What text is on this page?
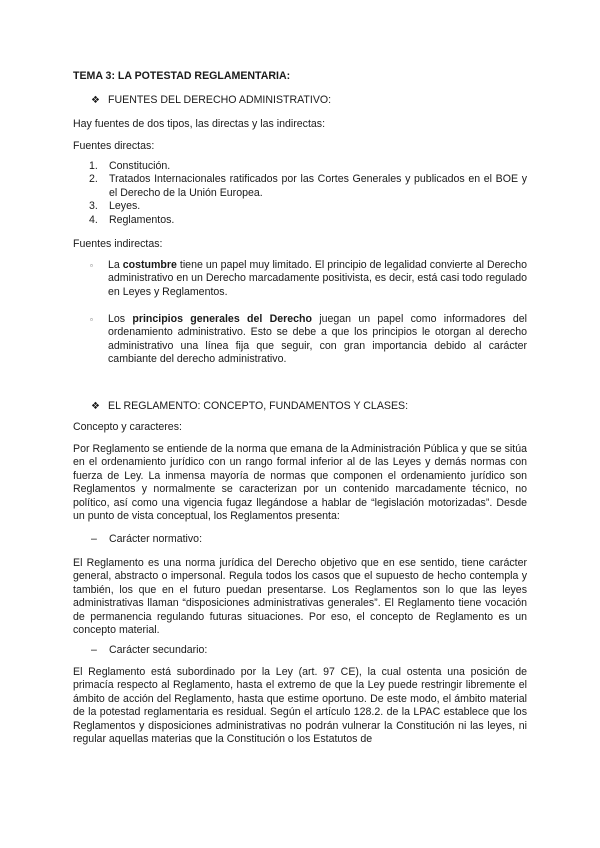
TEMA 3: LA POTESTAD REGLAMENTARIA:

❖ FUENTES DEL DERECHO ADMINISTRATIVO:

Hay fuentes de dos tipos, las directas y las indirectas:

Fuentes directas:

1. Constitución.
2. Tratados Internacionales ratificados por las Cortes Generales y publicados en el BOE y el Derecho de la Unión Europea.
3. Leyes.
4. Reglamentos.

Fuentes indirectas:

▫ La costumbre tiene un papel muy limitado. El principio de legalidad convierte al Derecho administrativo en un Derecho marcadamente positivista, es decir, está casi todo regulado en Leyes y Reglamentos.
▫ Los principios generales del Derecho juegan un papel como informadores del ordenamiento administrativo. Esto se debe a que los principios le otorgan al derecho administrativo una línea fija que seguir, con gran importancia debido al carácter cambiante del derecho administrativo.
❖ EL REGLAMENTO: CONCEPTO, FUNDAMENTOS Y CLASES:

Concepto y caracteres:

Por Reglamento se entiende de la norma que emana de la Administración Pública y que se sitúa en el ordenamiento jurídico con un rango formal inferior al de las Leyes y demás normas con fuerza de Ley. La inmensa mayoría de normas que componen el ordenamiento jurídico son Reglamentos y normalmente se caracterizan por un contenido marcadamente técnico, no político, así como una vigencia fugaz llegándose a hablar de “legislación motorizadas”. Desde un punto de vista conceptual, los Reglamentos presenta:

– Carácter normativo:

El Reglamento es una norma jurídica del Derecho objetivo que en ese sentido, tiene carácter general, abstracto o impersonal. Regula todos los casos que el supuesto de hecho contempla y también, los que en el futuro puedan presentarse. Los Reglamentos son lo que las leyes administrativas llaman “disposiciones administrativas generales”. El Reglamento tiene vocación de permanencia regulando futuras situaciones. Por eso, el concepto de Reglamento es un concepto material.

– Carácter secundario:

El Reglamento está subordinado por la Ley (art. 97 CE), la cual ostenta una posición de primacía respecto al Reglamento, hasta el extremo de que la Ley puede restringir libremente el ámbito de acción del Reglamento, hasta que estime oportuno. De este modo, el ámbito material de la potestad reglamentaria es residual. Según el artículo 128.2. de la LPAC establece que los Reglamentos y disposiciones administrativas no podrán vulnerar la Constitución ni las leyes, ni regular aquellas materias que la Constitución o los Estatutos de
